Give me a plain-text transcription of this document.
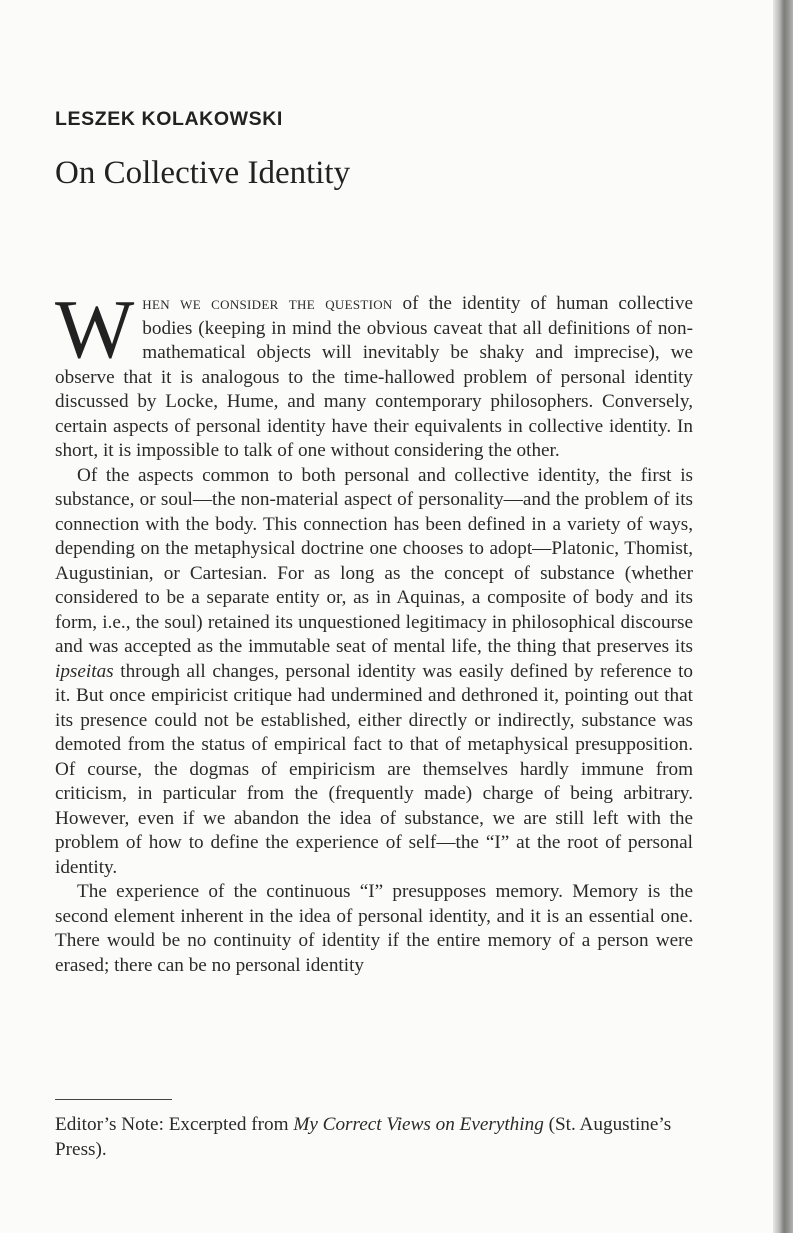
LESZEK KOLAKOWSKI
On Collective Identity

When we consider the question of the identity of human collective bodies (keeping in mind the obvious caveat that all definitions of non-mathematical objects will inevitably be shaky and imprecise), we observe that it is analogous to the time-hallowed problem of personal identity discussed by Locke, Hume, and many contemporary philosophers. Conversely, certain aspects of personal identity have their equivalents in collective identity. In short, it is impossible to talk of one without considering the other.

Of the aspects common to both personal and collective identity, the first is substance, or soul—the non-material aspect of personality—and the problem of its connection with the body. This connection has been defined in a variety of ways, depending on the metaphysical doctrine one chooses to adopt—Platonic, Thomist, Augustinian, or Cartesian. For as long as the concept of substance (whether considered to be a separate entity or, as in Aquinas, a composite of body and its form, i.e., the soul) retained its unquestioned legitimacy in philosophical discourse and was accepted as the immutable seat of mental life, the thing that preserves its ipseitas through all changes, personal identity was easily defined by reference to it. But once empiricist critique had undermined and dethroned it, pointing out that its presence could not be established, either directly or indirectly, substance was demoted from the status of empirical fact to that of metaphysical presupposition. Of course, the dogmas of empiricism are themselves hardly immune from criticism, in particular from the (frequently made) charge of being arbitrary. However, even if we abandon the idea of substance, we are still left with the problem of how to define the experience of self—the “I” at the root of personal identity.

The experience of the continuous “I” presupposes memory. Memory is the second element inherent in the idea of personal identity, and it is an essential one. There would be no continuity of identity if the entire memory of a person were erased; there can be no personal identity

Editor’s Note: Excerpted from My Correct Views on Everything (St. Augustine’s Press).
